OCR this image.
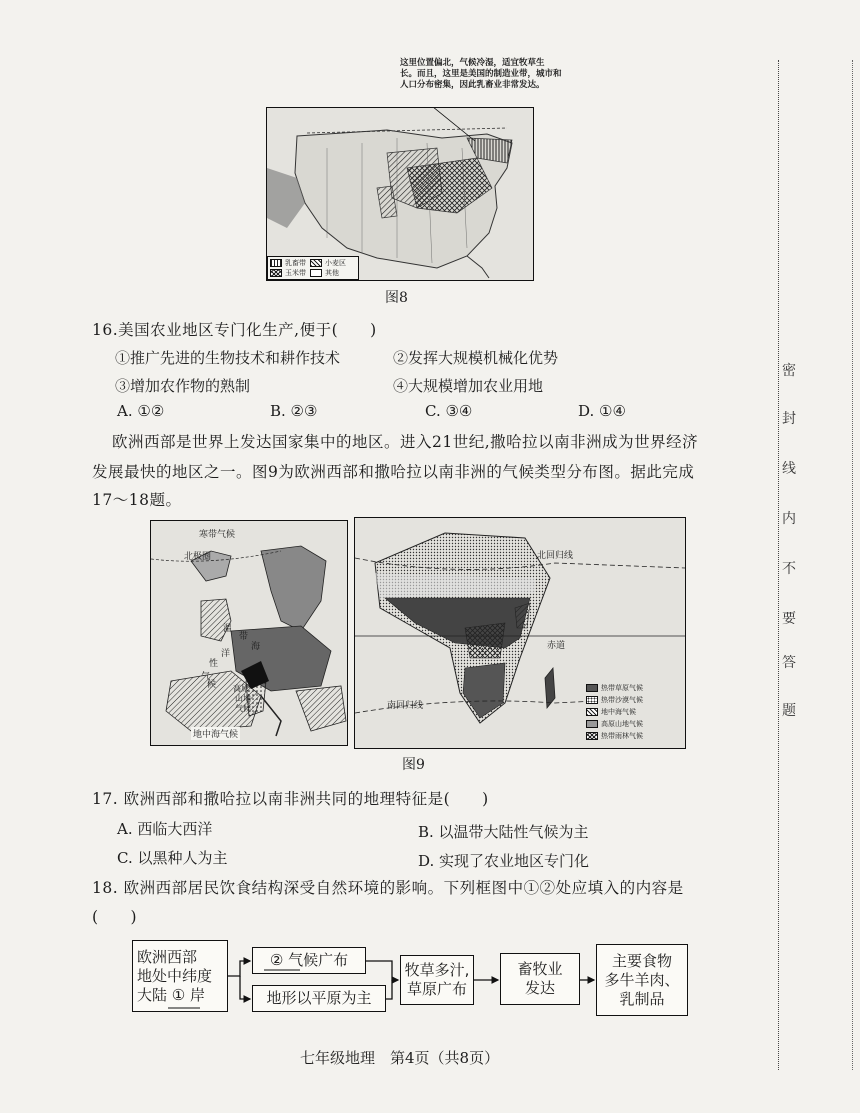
这里位置偏北，气候冷湿，适宜牧草生
长。而且，这里是美国的制造业带，城市和
人口分布密集，因此乳畜业非常发达。
乳畜带	小麦区
玉米带	其他
图8
16.美国农业地区专门化生产,便于(　　)
①推广先进的生物技术和耕作技术	②发挥大规模机械化优势
③增加农作物的熟制	④大规模增加农业用地
A. ①②	B. ②③	C. ③④	D. ①④
欧洲西部是世界上发达国家集中的地区。进入21世纪,撒哈拉以南非洲成为世界经济
发展最快的地区之一。图9为欧洲西部和撒哈拉以南非洲的气候类型分布图。据此完成
17～18题。
寒带气候
北极圈
温
带
海
洋
性
气
候 高原
山地
气候
地中海气候
北回归线
赤道
南回归线
热带草原气候
热带沙漠气候
地中海气候
高原山地气候
热带雨林气候
图9
17. 欧洲西部和撒哈拉以南非洲共同的地理特征是(　　)
A. 西临大西洋	B. 以温带大陆性气候为主
C. 以黑种人为主	D. 实现了农业地区专门化
18. 欧洲西部居民饮食结构深受自然环境的影响。下列框图中①②处应填入的内容是
(　　)
欧洲西部
地处中纬度
大陆 ① 岸
② 气候广布
地形以平原为主
牧草多汁,
草原广布
畜牧业
发达
主要食物
多牛羊肉、
乳制品
七年级地理　第4页（共8页）
密
封
线
内
不
要
答
题
